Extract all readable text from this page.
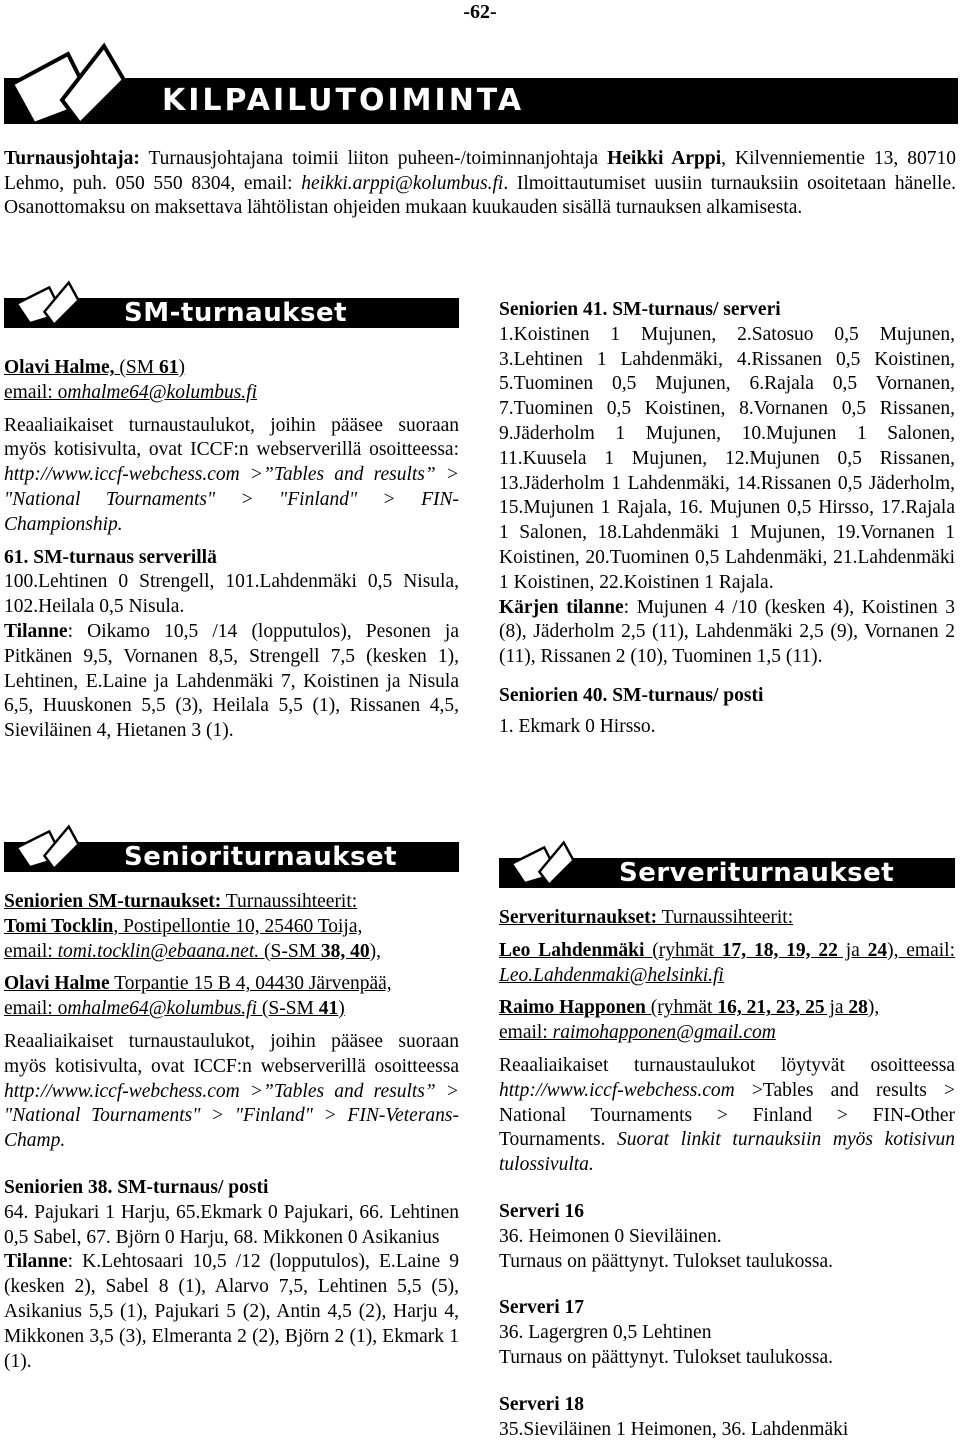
-62-
KILPAILUTOIMINTA
Turnausjohtaja: Turnausjohtajana toimii liiton puheen-/toiminnanjohtaja Heikki Arppi, Kilvenniementie 13, 80710 Lehmo, puh. 050 550 8304, email: heikki.arppi@kolumbus.fi. Ilmoittautumiset uusiin turnauksiin osoitetaan hänelle. Osanottomaksu on maksettava lähtölistan ohjeiden mukaan kuukauden sisällä turnauksen alkamisesta.
SM-turnaukset

Olavi Halme, (SM 61)

email: omhalme64@kolumbus.fi

Reaaliaikaiset turnaustaulukot, joihin pääsee suoraan myös kotisivulta, ovat ICCF:n webserverillä osoitteessa: http://www.iccf-webchess.com >”Tables and results” > "National Tournaments" > "Finland" > FIN-Championship.

61. SM-turnaus serverillä

100.Lehtinen 0 Strengell, 101.Lahdenmäki 0,5 Nisula, 102.Heilala 0,5 Nisula.

Tilanne: Oikamo 10,5 /14 (lopputulos), Pesonen ja Pitkänen 9,5, Vornanen 8,5, Strengell 7,5 (kesken 1), Lehtinen, E.Laine ja Lahdenmäki 7, Koistinen ja Nisula 6,5, Huuskonen 5,5 (3), Heilala 5,5 (1), Rissanen 4,5, Sieviläinen 4, Hietanen 3 (1).

Senioriturnaukset

Seniorien SM-turnaukset: Turnaussihteerit:

Tomi Tocklin, Postipellontie 10, 25460 Toija,

email: tomi.tocklin@ebaana.net. (S-SM 38, 40),

Olavi Halme Torpantie 15 B 4, 04430 Järvenpää,

email: omhalme64@kolumbus.fi (S-SM 41)

Reaaliaikaiset turnaustaulukot, joihin pääsee suoraan myös kotisivulta, ovat ICCF:n webserverillä osoitteessa http://www.iccf-webchess.com >”Tables and results” > "National Tournaments" > "Finland" > FIN-Veterans-Champ.

Seniorien 38. SM-turnaus/ posti

64. Pajukari 1 Harju, 65.Ekmark 0 Pajukari, 66. Lehtinen 0,5 Sabel, 67. Björn 0 Harju, 68. Mikkonen 0 Asikanius

Tilanne: K.Lehtosaari 10,5 /12 (lopputulos), E.Laine 9 (kesken 2), Sabel 8 (1), Alarvo 7,5, Lehtinen 5,5 (5), Asikanius 5,5 (1), Pajukari 5 (2), Antin 4,5 (2), Harju 4, Mikkonen 3,5 (3), Elmeranta 2 (2), Björn 2 (1), Ekmark 1 (1).

Seniorien 41. SM-turnaus/ serveri

1.Koistinen 1 Mujunen, 2.Satosuo 0,5 Mujunen, 3.Lehtinen 1 Lahdenmäki, 4.Rissanen 0,5 Koistinen, 5.Tuominen 0,5 Mujunen, 6.Rajala 0,5 Vornanen, 7.Tuominen 0,5 Koistinen, 8.Vornanen 0,5 Rissanen, 9.Jäderholm 1 Mujunen, 10.Mujunen 1 Salonen, 11.Kuusela 1 Mujunen, 12.Mujunen 0,5 Rissanen, 13.Jäderholm 1 Lahdenmäki, 14.Rissanen 0,5 Jäderholm, 15.Mujunen 1 Rajala, 16. Mujunen 0,5 Hirsso, 17.Rajala 1 Salonen, 18.Lahdenmäki 1 Mujunen, 19.Vornanen 1 Koistinen, 20.Tuominen 0,5 Lahdenmäki, 21.Lahdenmäki 1 Koistinen, 22.Koistinen 1 Rajala.

Kärjen tilanne: Mujunen 4 /10 (kesken 4), Koistinen 3 (8), Jäderholm 2,5 (11), Lahdenmäki 2,5 (9), Vornanen 2 (11), Rissanen 2 (10), Tuominen 1,5 (11).

Seniorien 40. SM-turnaus/ posti

1. Ekmark 0 Hirsso.

Serveriturnaukset

Serveriturnaukset: Turnaussihteerit:

Leo Lahdenmäki (ryhmät 17, 18, 19, 22 ja 24), email: Leo.Lahdenmaki@helsinki.fi

Raimo Happonen (ryhmät 16, 21, 23, 25 ja 28),

email: raimohapponen@gmail.com

Reaaliaikaiset turnaustaulukot löytyvät osoitteessa http://www.iccf-webchess.com >Tables and results > National Tournaments > Finland > FIN-Other Tournaments. Suorat linkit turnauksiin myös kotisivun tulossivulta.

Serveri 16

36. Heimonen 0 Sieviläinen.

Turnaus on päättynyt. Tulokset taulukossa.

Serveri 17

36. Lagergren 0,5 Lehtinen

Turnaus on päättynyt. Tulokset taulukossa.

Serveri 18

35.Sieviläinen 1 Heimonen, 36. Lahdenmäki
